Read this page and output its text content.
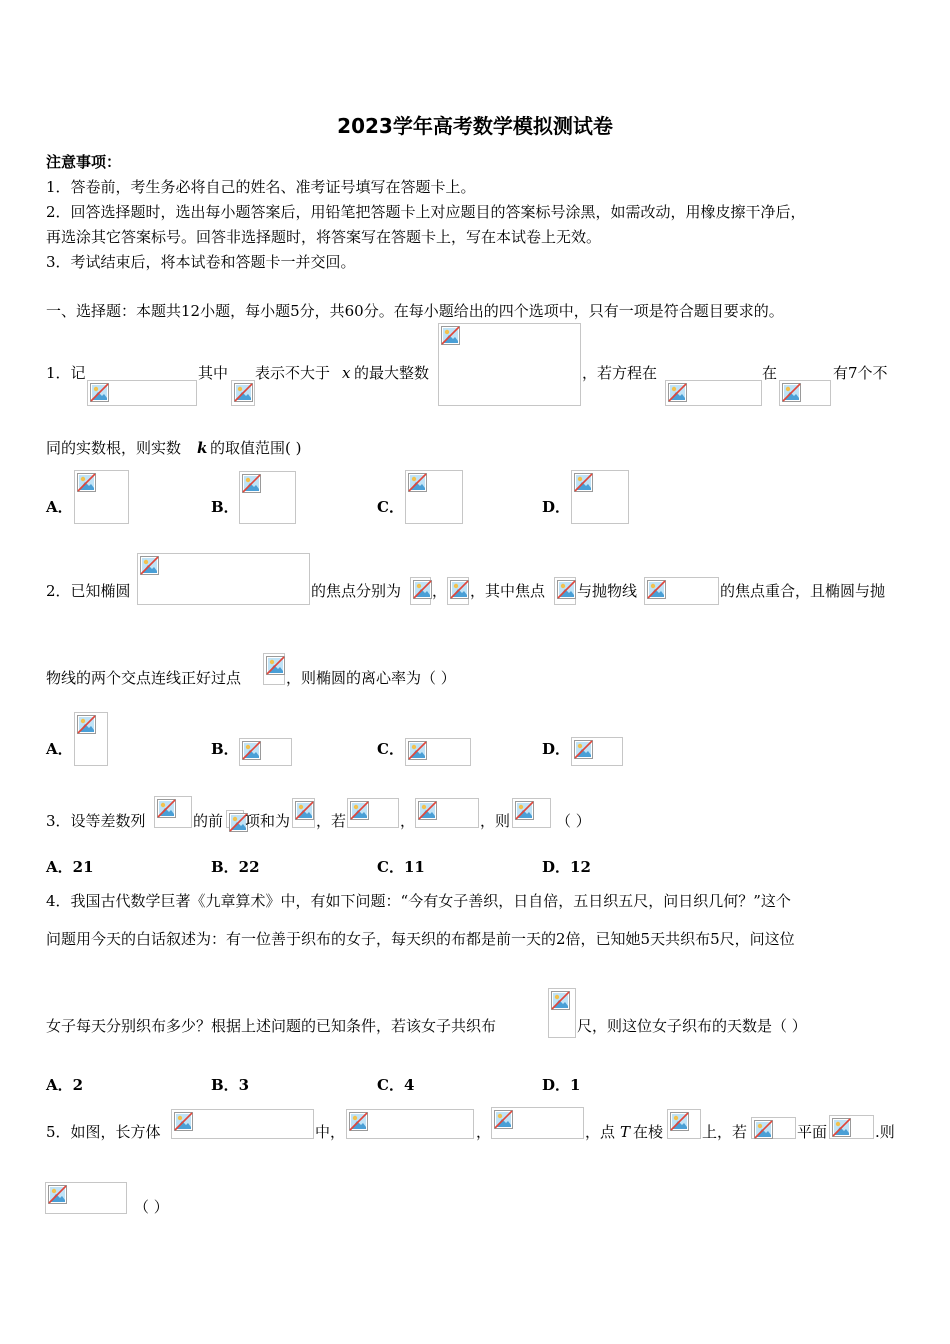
2023学年高考数学模拟测试卷
注意事项：
1．答卷前，考生务必将自己的姓名、准考证号填写在答题卡上。
2．回答选择题时，选出每小题答案后，用铅笔把答题卡上对应题目的答案标号涂黑，如需改动，用橡皮擦干净后，
再选涂其它答案标号。回答非选择题时，将答案写在答题卡上，写在本试卷上无效。
3．考试结束后，将本试卷和答题卡一并交回。
一、选择题：本题共12小题，每小题5分，共60分。在每小题给出的四个选项中，只有一项是符合题目要求的。
1．记	其中 表示不大于 x 的最大整数	，若方程在	在	有7个不
同的实数根，则实数 k 的取值范围( )
A．	B．	C．	D．
2．已知椭圆	的焦点分别为 ， ，其中焦点 与抛物线	的焦点重合，且椭圆与抛
物线的两个交点连线正好过点	，则椭圆的离心率为（ ）
A．	B．	C．	D．
3．设等差数列	的前 项和为 ，若	，	，则	（ ）
A．21	B．22	C．11	D．12
4．我国古代数学巨著《九章算术》中，有如下问题：“今有女子善织，日自倍，五日织五尺，问日织几何？”这个
问题用今天的白话叙述为：有一位善于织布的女子，每天织的布都是前一天的2倍，已知她5天共织布5尺，问这位
女子每天分别织布多少？根据上述问题的已知条件，若该女子共织布	尺，则这位女子织布的天数是（ ）
A．2	B．3	C．4	D．1
5．如图，长方体	中，	，	，点 T 在棱	上，若	平面	.则
（ ）
